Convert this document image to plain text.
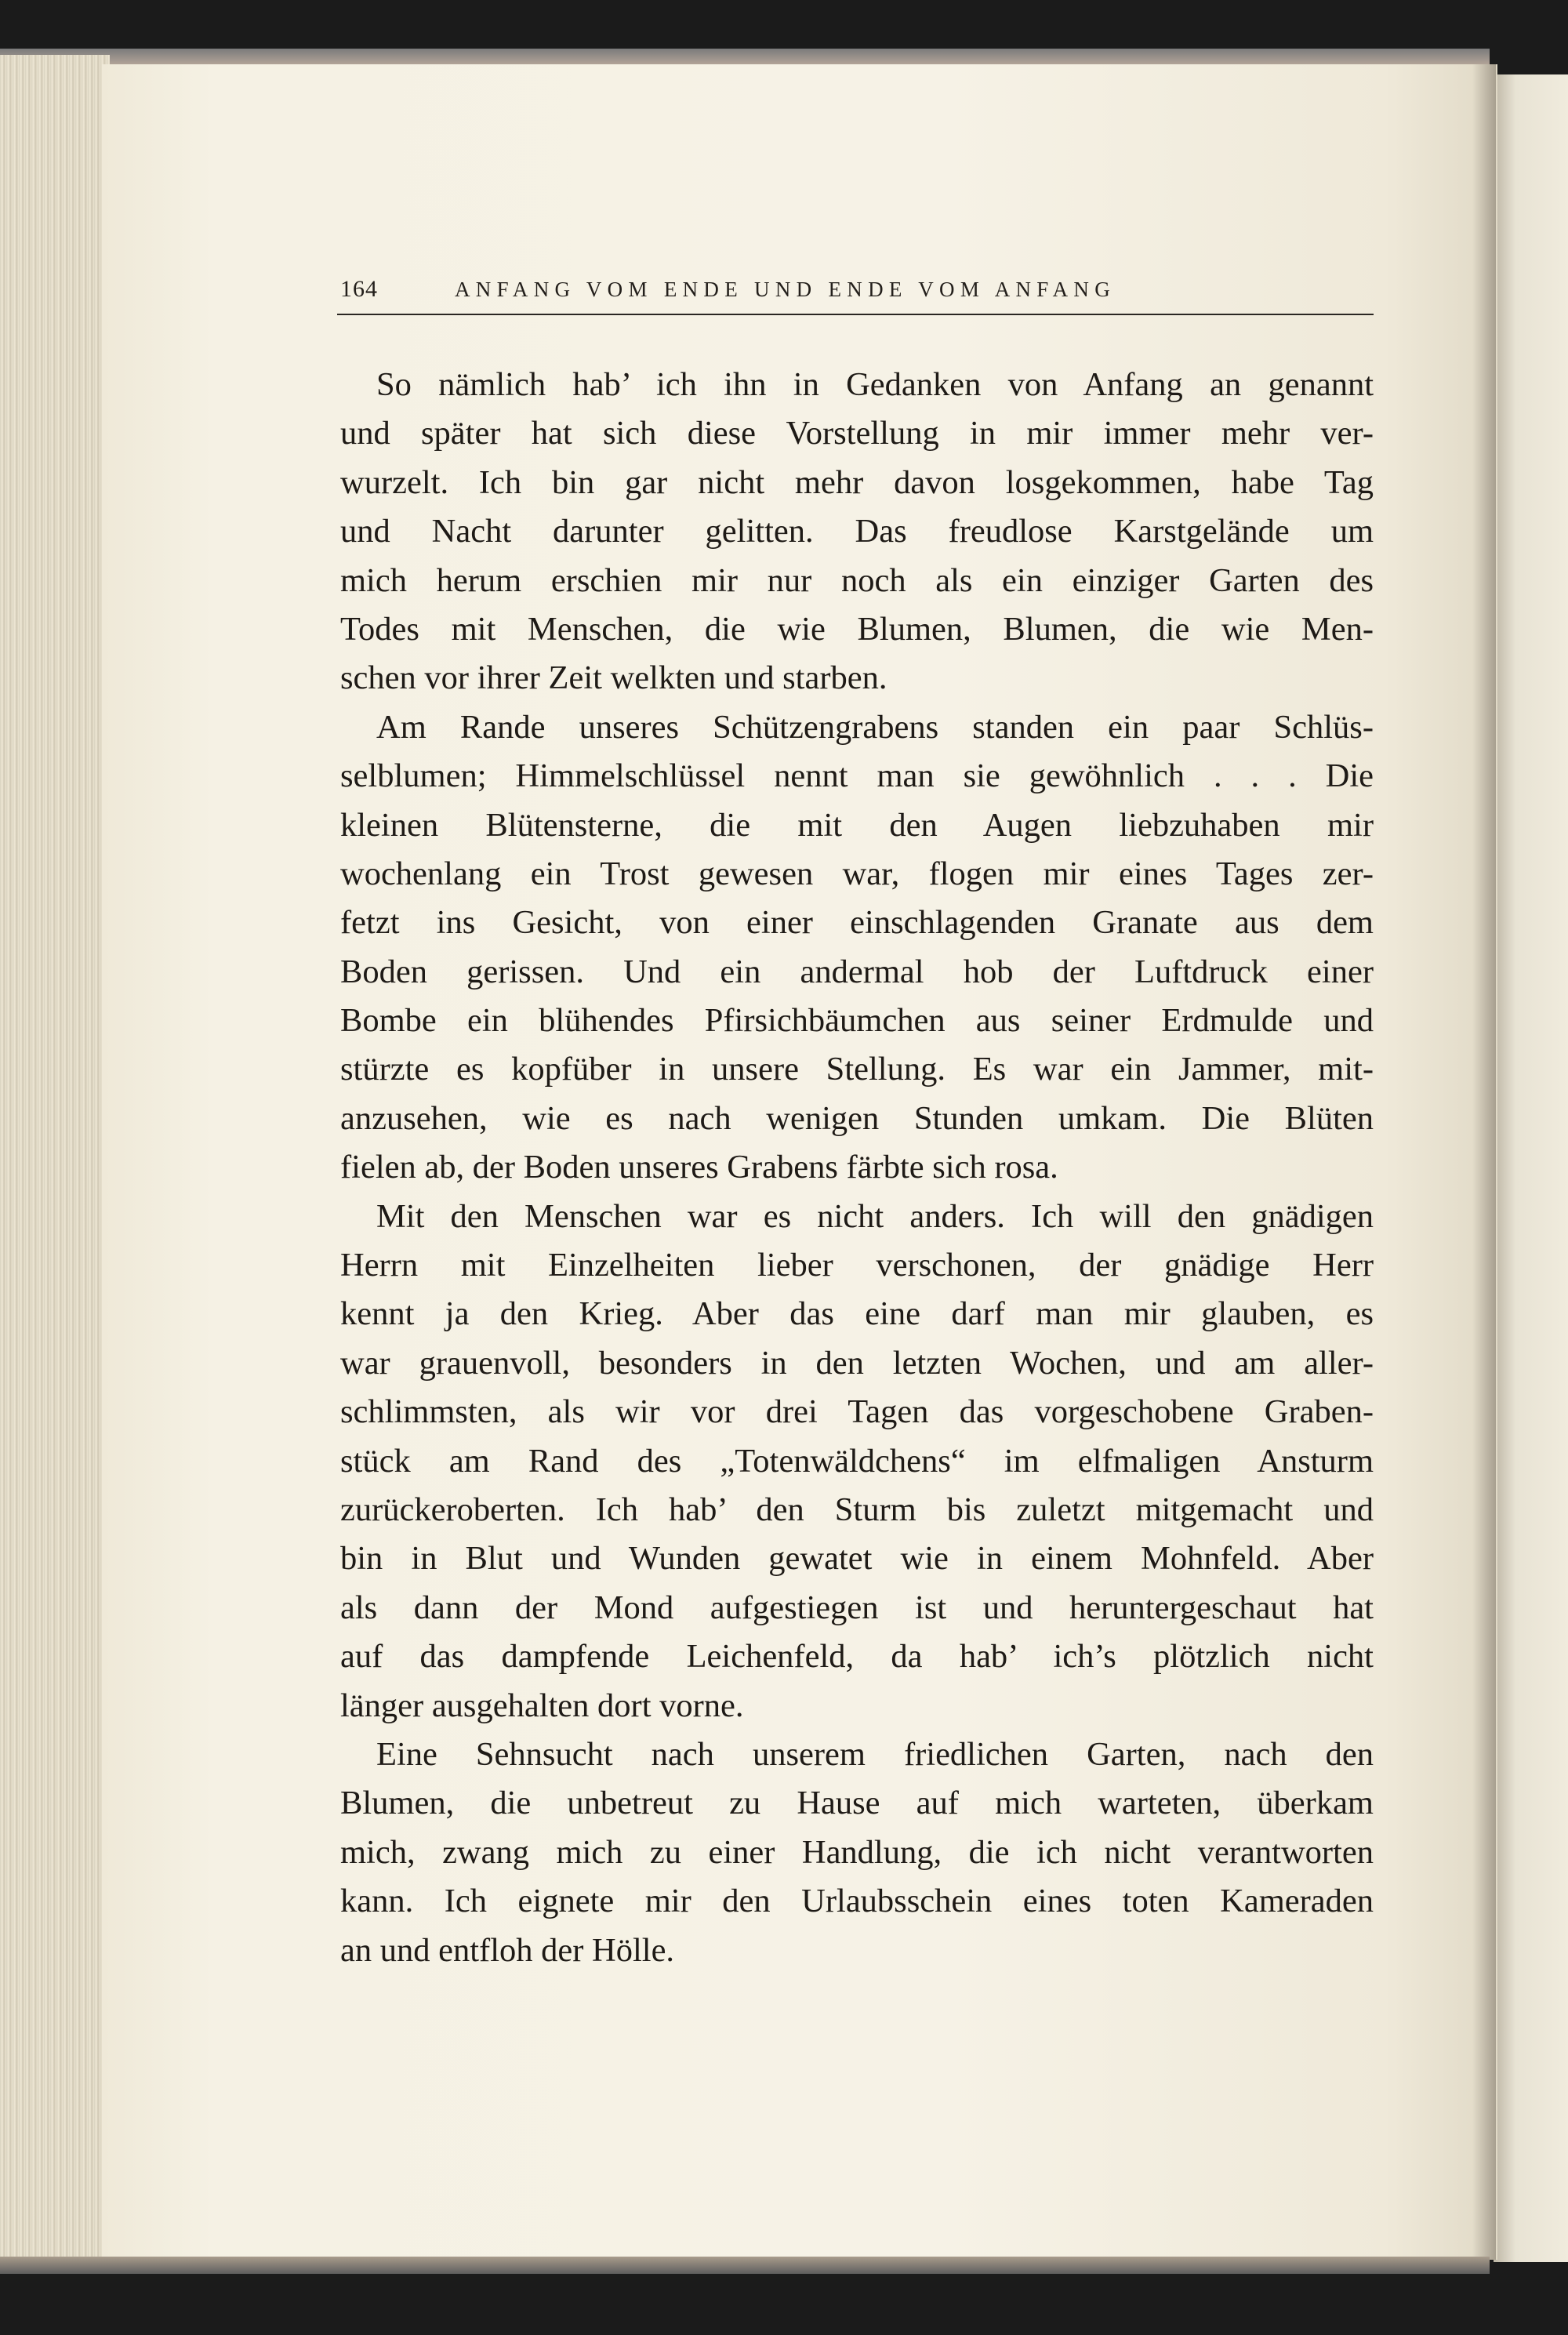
164	ANFANG VOM ENDE UND ENDE VOM ANFANG
So nämlich hab’ ich ihn in Gedanken von Anfang an genannt
und später hat sich diese Vorstellung in mir immer mehr ver-
wurzelt. Ich bin gar nicht mehr davon losgekommen, habe Tag
und Nacht darunter gelitten. Das freudlose Karstgelände um
mich herum erschien mir nur noch als ein einziger Garten des
Todes mit Menschen, die wie Blumen, Blumen, die wie Men-
schen vor ihrer Zeit welkten und starben.
Am Rande unseres Schützengrabens standen ein paar Schlüs-
selblumen; Himmelschlüssel nennt man sie gewöhnlich . . . Die
kleinen Blütensterne, die mit den Augen liebzuhaben mir
wochenlang ein Trost gewesen war, flogen mir eines Tages zer-
fetzt ins Gesicht, von einer einschlagenden Granate aus dem
Boden gerissen. Und ein andermal hob der Luftdruck einer
Bombe ein blühendes Pfirsichbäumchen aus seiner Erdmulde und
stürzte es kopfüber in unsere Stellung. Es war ein Jammer, mit-
anzusehen, wie es nach wenigen Stunden umkam. Die Blüten
fielen ab, der Boden unseres Grabens färbte sich rosa.
Mit den Menschen war es nicht anders. Ich will den gnädigen
Herrn mit Einzelheiten lieber verschonen, der gnädige Herr
kennt ja den Krieg. Aber das eine darf man mir glauben, es
war grauenvoll, besonders in den letzten Wochen, und am aller-
schlimmsten, als wir vor drei Tagen das vorgeschobene Graben-
stück am Rand des „Totenwäldchens“ im elfmaligen Ansturm
zurückeroberten. Ich hab’ den Sturm bis zuletzt mitgemacht und
bin in Blut und Wunden gewatet wie in einem Mohnfeld. Aber
als dann der Mond aufgestiegen ist und heruntergeschaut hat
auf das dampfende Leichenfeld, da hab’ ich’s plötzlich nicht
länger ausgehalten dort vorne.
Eine Sehnsucht nach unserem friedlichen Garten, nach den
Blumen, die unbetreut zu Hause auf mich warteten, überkam
mich, zwang mich zu einer Handlung, die ich nicht verantworten
kann. Ich eignete mir den Urlaubsschein eines toten Kameraden
an und entfloh der Hölle.
